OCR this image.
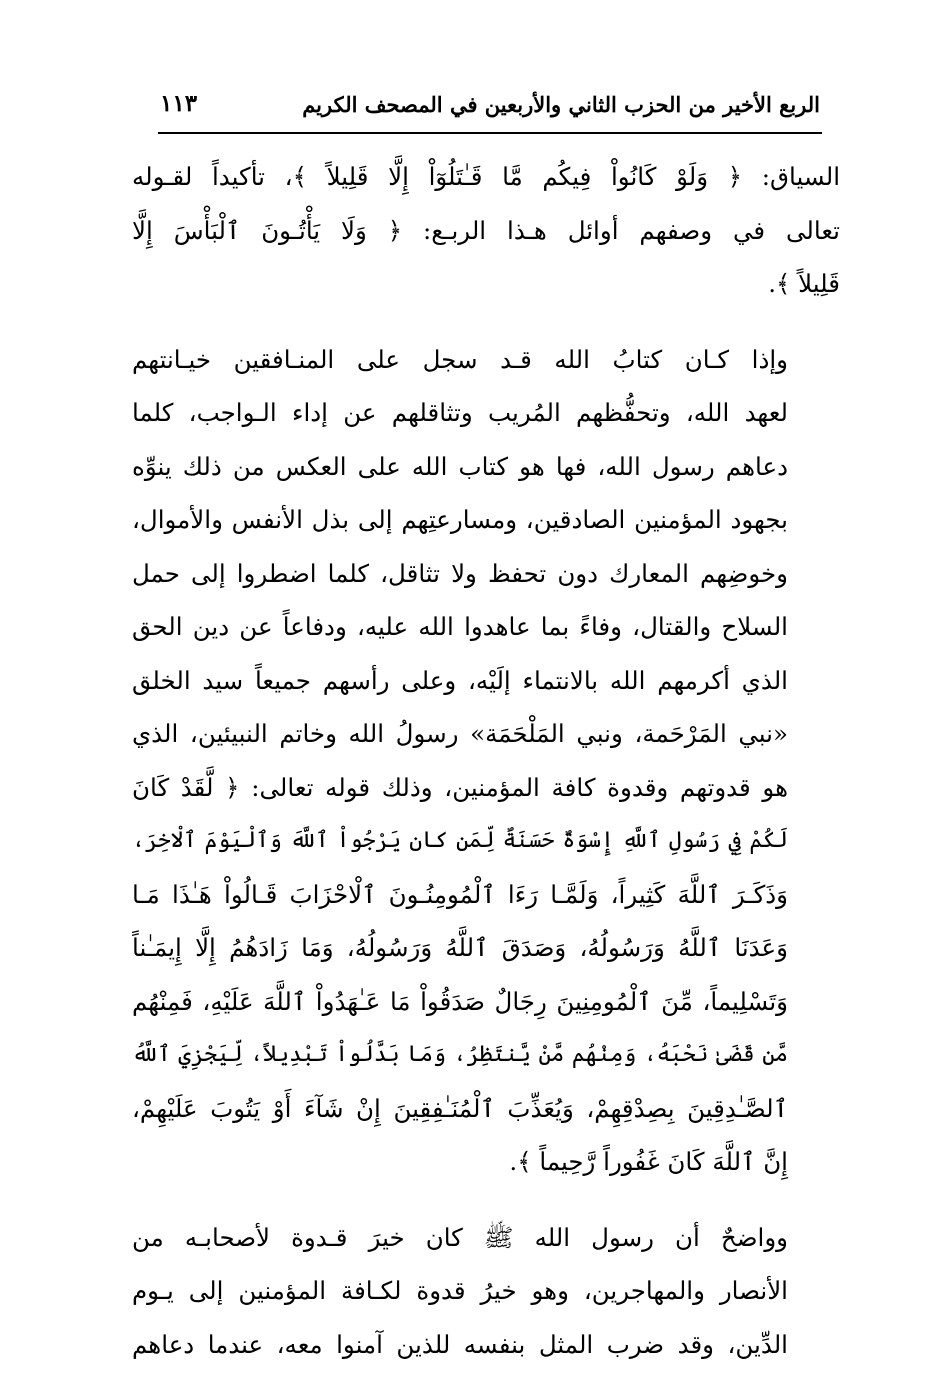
الربع الأخير من الحزب الثاني والأربعين في المصحف الكريم
١١٣

السياق: ﴿ وَلَوْ كَانُواْ فِيكُم مَّا قَـٰتَلُوٓاْ إِلَّا قَلِيلاً ﴾، تأكيداً لقـوله
تعالى في وصفهم أوائل هـذا الربـع: ﴿ وَلَا يَأْتُـونَ ٱلْبَأْسَ إِلَّا
قَلِيلاً ﴾.

وإذا كـان كتابُ الله قـد سجل على المنـافقين خيـانتهم
لعهد الله، وتحفُّظهم المُريب وتثاقلهم عن إداء الـواجب، كلما
دعاهم رسول الله، فها هو كتاب الله على العكس من ذلك ينوِّه
بجهود المؤمنين الصادقين، ومسارعتِهم إلى بذل الأنفس والأموال،
وخوضِهم المعارك دون تحفظ ولا تثاقل، كلما اضطروا إلى حمل
السلاح والقتال، وفاءً بما عاهدوا الله عليه، ودفاعاً عن دين الحق
الذي أكرمهم الله بالانتماء إلَيْه، وعلى رأسهم جميعاً سيد الخلق
«نبي المَرْحَمة، ونبي المَلْحَمَة» رسولُ الله وخاتم النبيئين، الذي
هو قدوتهم وقدوة كافة المؤمنين، وذلك قوله تعالى: ﴿ لَّقَدْ كَانَ
لَكُمْ فِي رَسُولِ ٱللَّهِ إِسْوَةٌ حَسَنَةٌ لِّمَن كان يَرْجُواْ ٱللَّهَ وَٱلْيَوْمَ ٱلْاخِرَ،
وَذَكَـرَ ٱللَّهَ كَثِيراً، وَلَمَّـا رَءَا ٱلْمُومِنُـونَ ٱلْاحْزَابَ قَـالُواْ هَـٰذَا مَـا
وَعَدَنَا ٱللَّهُ وَرَسُولُهُ، وَصَدَقَ ٱللَّهُ وَرَسُولُهُ، وَمَا زَادَهُمُ إِلَّا إِيمَـٰناً
وَتَسْلِيماً، مِّنَ ٱلْمُومِنِينَ رِجَالٌ صَدَقُواْ مَا عَـٰهَدُواْ ٱللَّهَ عَلَيْهِ، فَمِنْهُم
مَّن قَضَىٰ نَحْبَهُ، وَمِنْهُم مَّنْ يَّنتَظِرُ، وَمَا بَدَّلُواْ تَبْدِيلاً، لِّيَجْزِيَ ٱللَّهُ
ٱلصَّـٰدِقِينَ بِصِدْقِهِمْ، وَيُعَذِّبَ ٱلْمُنَـٰفِقِينَ إِنْ شَآءَ أَوْ يَتُوبَ عَلَيْهِمْ،
إِنَّ ٱللَّهَ كَانَ غَفُوراً رَّحِيماً ﴾.

وواضحٌ أن رسول الله ﷺ كان خيرَ قـدوة لأصحابـه من
الأنصار والمهاجرين، وهو خيرُ قدوة لكـافة المؤمنين إلى يـوم
الدِّين، وقد ضرب المثل بنفسه للذين آمنوا معه، عندما دعاهم
